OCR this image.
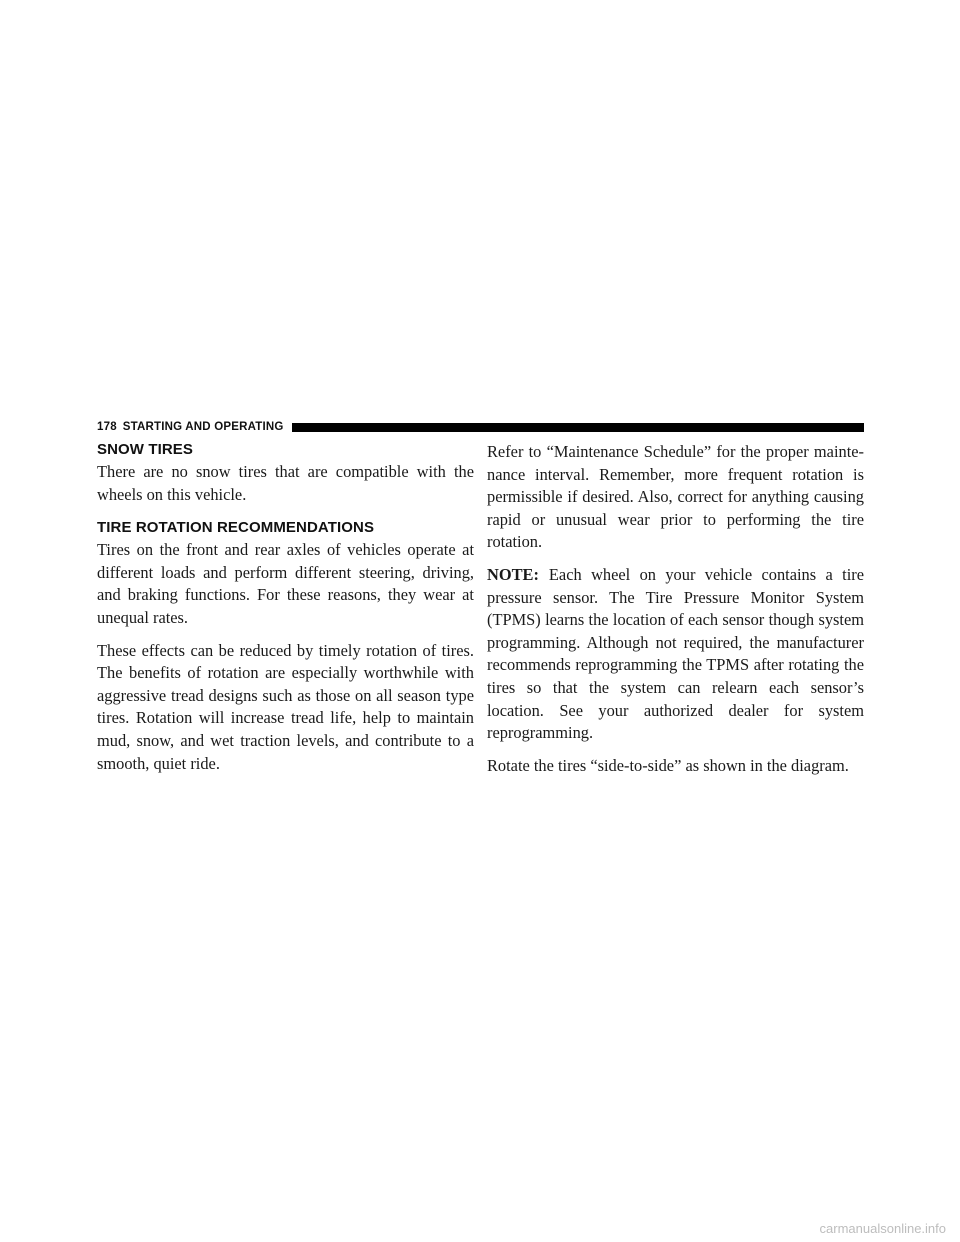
178 STARTING AND OPERATING
SNOW TIRES

There are no snow tires that are compatible with the wheels on this vehicle.

TIRE ROTATION RECOMMENDATIONS

Tires on the front and rear axles of vehicles operate at different loads and perform different steering, driving, and braking functions. For these reasons, they wear at unequal rates.

These effects can be reduced by timely rotation of tires. The benefits of rotation are especially worthwhile with aggressive tread designs such as those on all season type tires. Rotation will increase tread life, help to maintain mud, snow, and wet traction levels, and contribute to a smooth, quiet ride.

Refer to “Maintenance Schedule” for the proper maintenance interval. Remember, more frequent rotation is permissible if desired. Also, correct for anything causing rapid or unusual wear prior to performing the tire rotation.

NOTE: Each wheel on your vehicle contains a tire pressure sensor. The Tire Pressure Monitor System (TPMS) learns the location of each sensor though system programming. Although not required, the manufacturer recommends reprogramming the TPMS after rotating the tires so that the system can relearn each sensor’s location. See your authorized dealer for system reprogramming.

Rotate the tires “side-to-side” as shown in the diagram.

carmanualsonline.info
